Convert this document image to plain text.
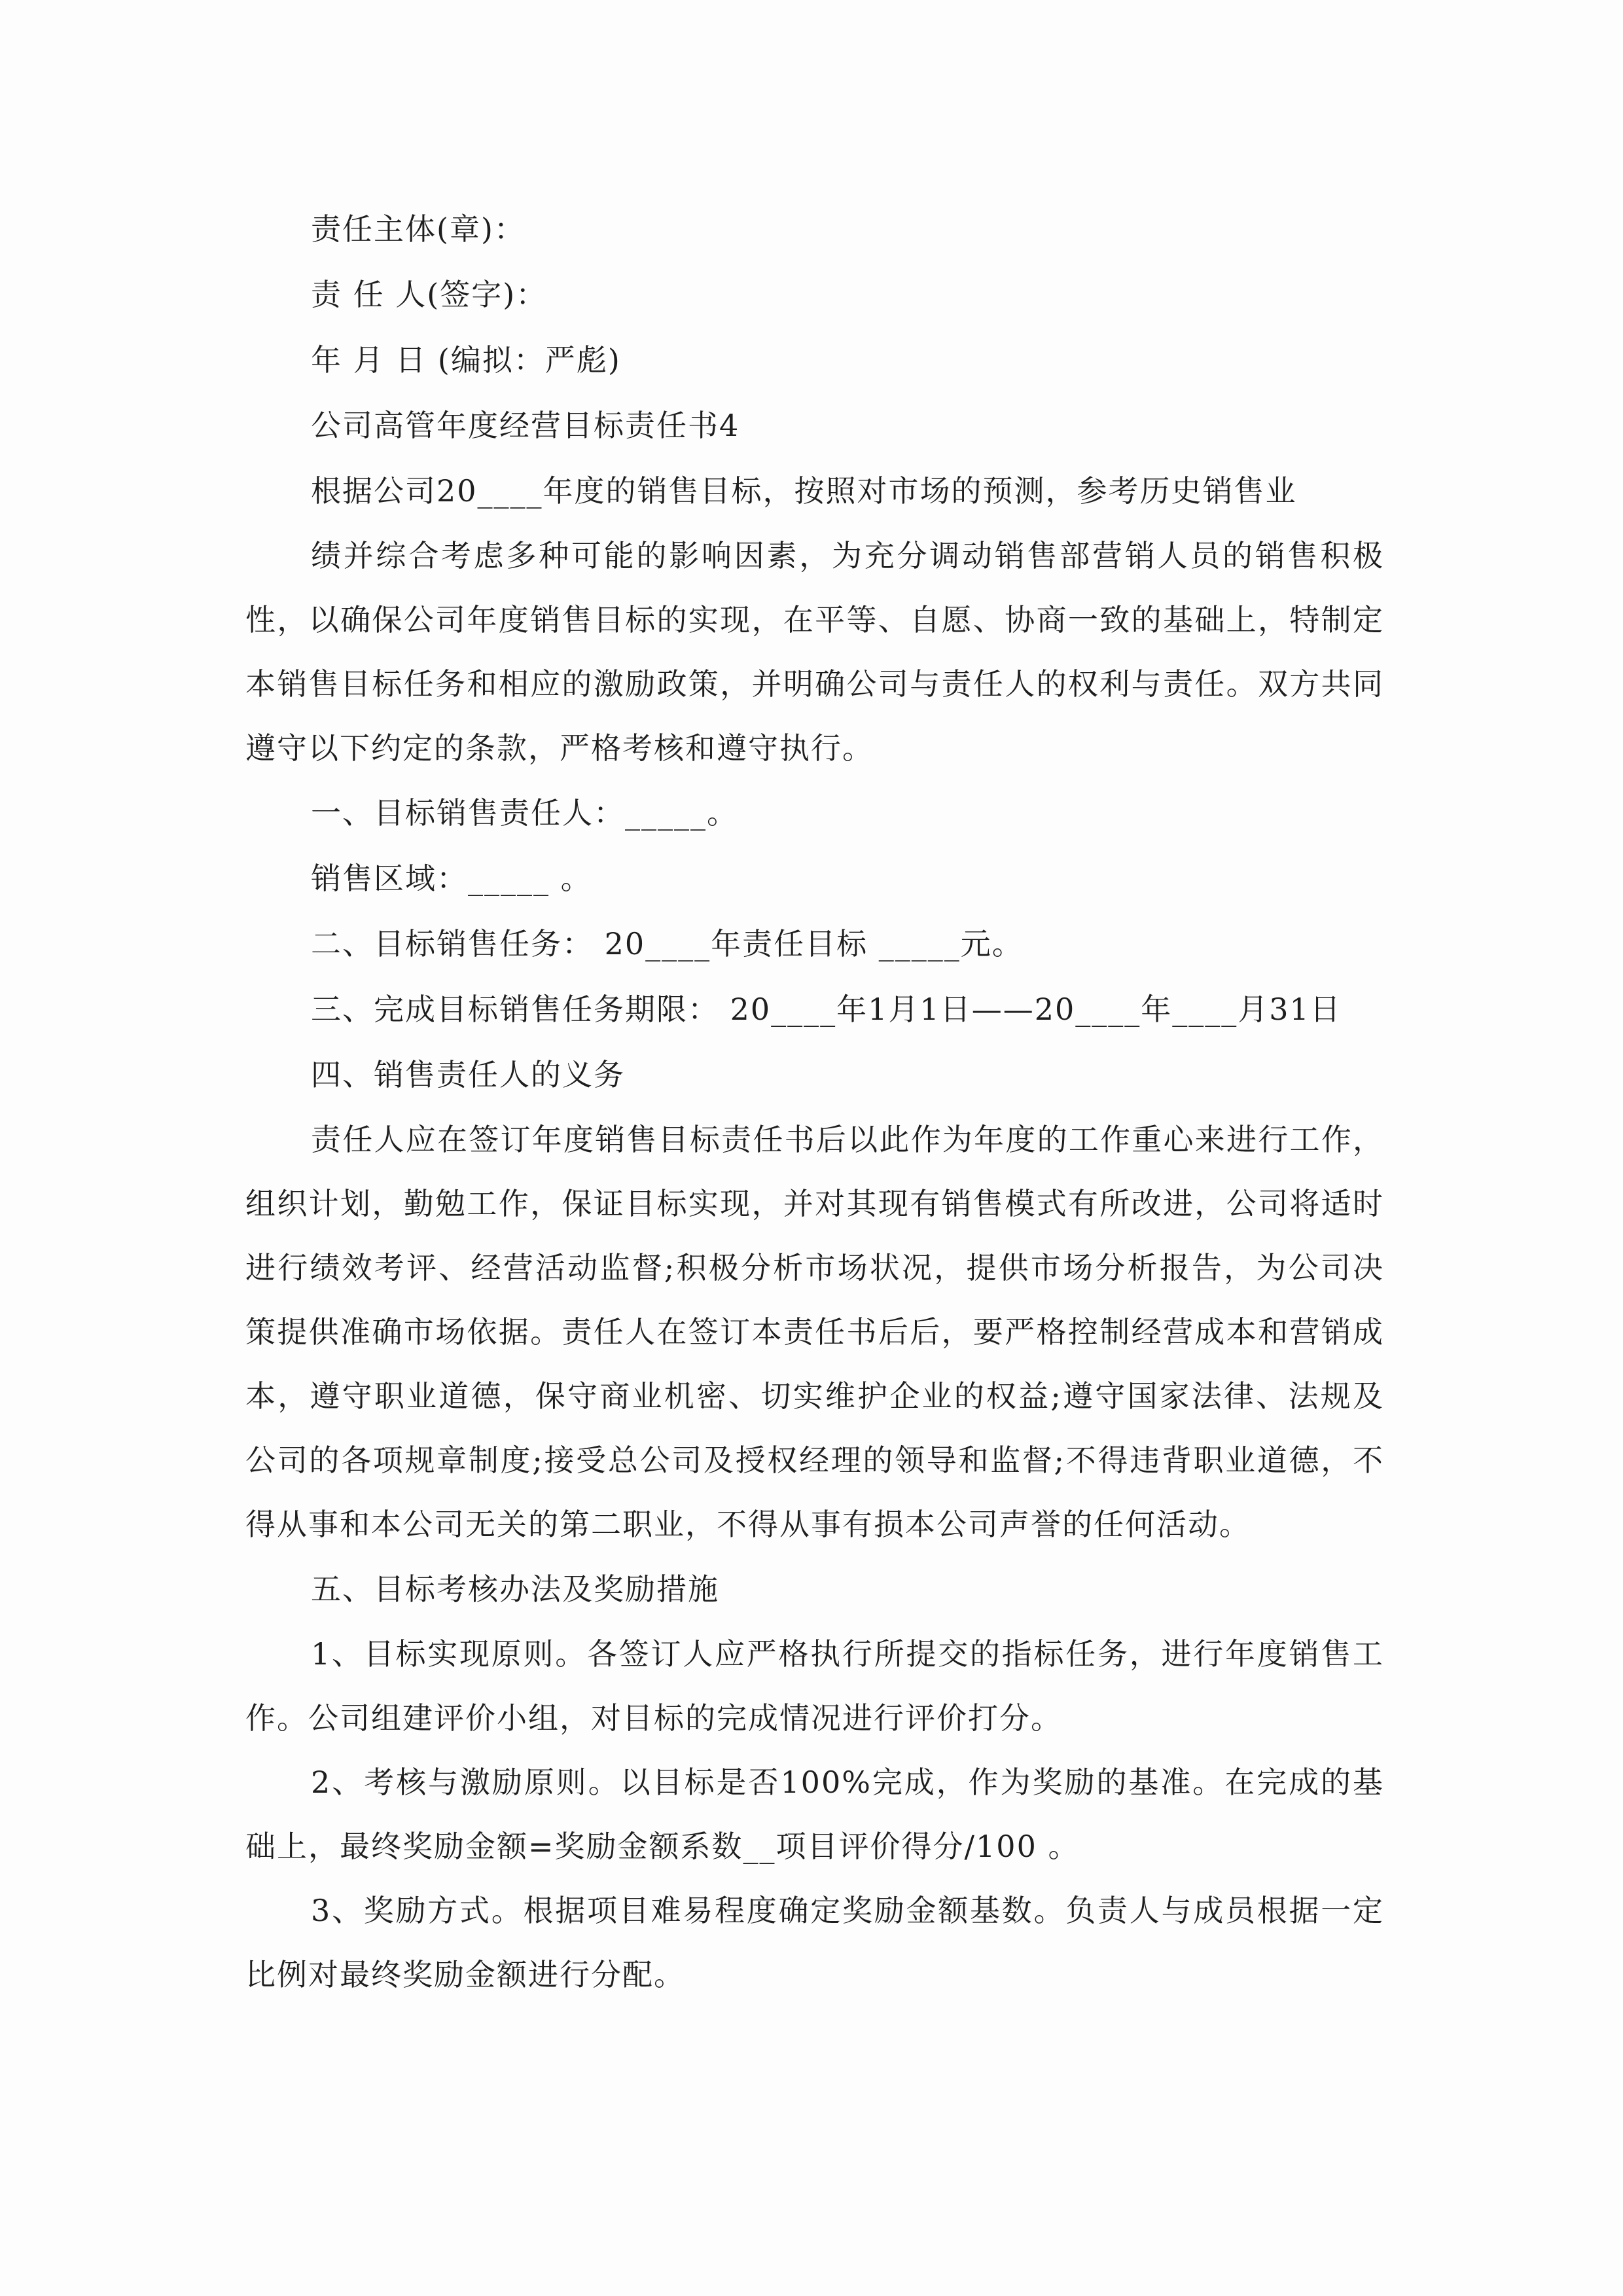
责任主体(章)：
责 任 人(签字)：
年 月 日 (编拟：严彪)
公司高管年度经营目标责任书4
根据公司20____年度的销售目标，按照对市场的预测，参考历史销售业

绩并综合考虑多种可能的影响因素，为充分调动销售部营销人员的销售积极性，以确保公司年度销售目标的实现，在平等、自愿、协商一致的基础上，特制定本销售目标任务和相应的激励政策，并明确公司与责任人的权利与责任。双方共同遵守以下约定的条款，严格考核和遵守执行。

一、目标销售责任人：_____。
销售区域：_____ 。
二、目标销售任务： 20____年责任目标 _____元。
三、完成目标销售任务期限： 20____年1月1日——20____年____月31日
四、销售责任人的义务

责任人应在签订年度销售目标责任书后以此作为年度的工作重心来进行工作，组织计划，勤勉工作，保证目标实现，并对其现有销售模式有所改进，公司将适时进行绩效考评、经营活动监督;积极分析市场状况，提供市场分析报告，为公司决策提供准确市场依据。责任人在签订本责任书后后，要严格控制经营成本和营销成本，遵守职业道德，保守商业机密、切实维护企业的权益;遵守国家法律、法规及公司的各项规章制度;接受总公司及授权经理的领导和监督;不得违背职业道德，不得从事和本公司无关的第二职业，不得从事有损本公司声誉的任何活动。

五、目标考核办法及奖励措施

1、目标实现原则。各签订人应严格执行所提交的指标任务，进行年度销售工作。公司组建评价小组，对目标的完成情况进行评价打分。

2、考核与激励原则。以目标是否100%完成，作为奖励的基准。在完成的基础上，最终奖励金额=奖励金额系数__项目评价得分/100 。

3、奖励方式。根据项目难易程度确定奖励金额基数。负责人与成员根据一定比例对最终奖励金额进行分配。
